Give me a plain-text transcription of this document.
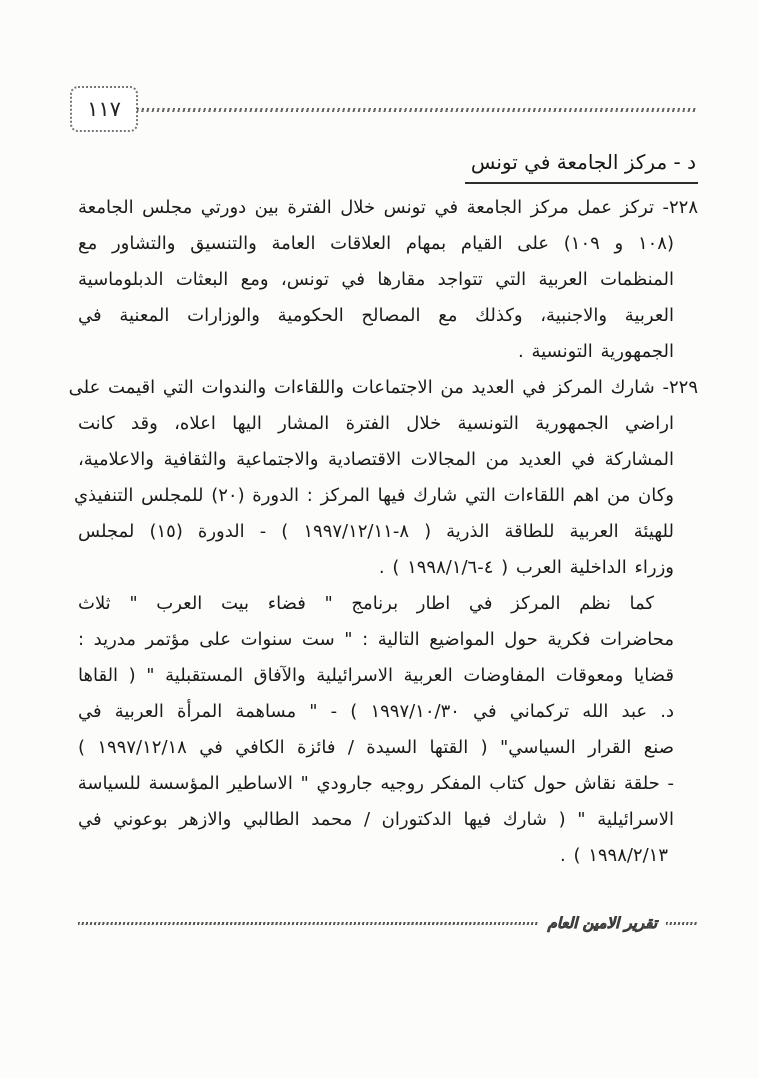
١١٧
د - مركز الجامعة في تونس
٢٢٨- تركز عمل مركز الجامعة في تونس خلال الفترة بين دورتي مجلس الجامعة
(١٠٨ و ١٠٩) على القيام بمهام العلاقات العامة والتنسيق والتشاور مع
المنظمات العربية التي تتواجد مقارها في تونس، ومع البعثات الدبلوماسية
العربية والاجنبية، وكذلك مع المصالح الحكومية والوزارات المعنية في
الجمهورية التونسية .
٢٢٩- شارك المركز في العديد من الاجتماعات واللقاءات والندوات التي اقيمت على
اراضي الجمهورية التونسية خلال الفترة المشار اليها اعلاه، وقد كانت
المشاركة في العديد من المجالات الاقتصادية والاجتماعية والثقافية والاعلامية،
وكان من اهم اللقاءات التي شارك فيها المركز : الدورة (٢٠) للمجلس التنفيذي
للهيئة العربية للطاقة الذرية ( ٨-١٩٩٧/١٢/١١ ) - الدورة (١٥) لمجلس
وزراء الداخلية العرب ( ٤-١٩٩٨/١/٦ ) .
كما نظم المركز في اطار برنامج " فضاء بيت العرب " ثلاث
محاضرات فكرية حول المواضيع التالية : " ست سنوات على مؤتمر مدريد :
قضايا ومعوقات المفاوضات العربية الاسرائيلية والآفاق المستقبلية " ( القاها
د. عبد الله تركماني في ١٩٩٧/١٠/٣٠ ) - " مساهمة المرأة العربية في
صنع القرار السياسي" ( القتها السيدة / فائزة الكافي في ١٩٩٧/١٢/١٨ )
- حلقة نقاش حول كتاب المفكر روجيه جارودي " الاساطير المؤسسة للسياسة
الاسرائيلية " ( شارك فيها الدكتوران / محمد الطالبي والازهر بوعوني في
١٩٩٨/٢/١٣ ) .
تقرير الامين العام
